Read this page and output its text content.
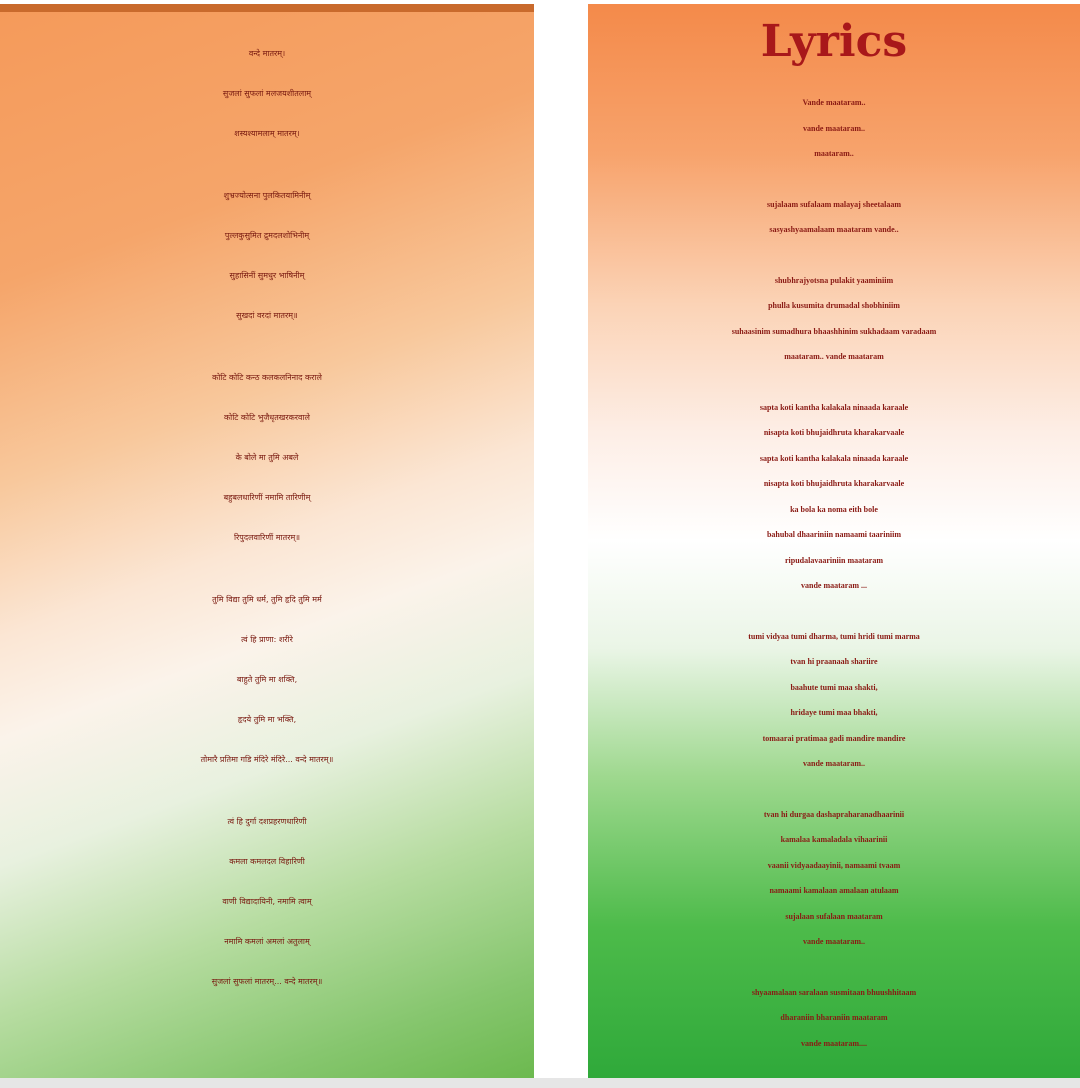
वन्दे मातरम्।
सुजलां सुफलां मलजयशीतलाम्
शस्यश्यामलाम् मातरम्।
शुभ्रज्योत्सना पुलकितयामिनीम्
पुल्लकुसुमित द्रुमदलशोभिनीम्
सुहासिनीं सुमधुर भाषिनीम्
सुखदां वरदां मातरम्॥
कोटि कोटि कन्ठ कलकलनिनाद कराले
कोटि कोटि भुजैधृतखरकरवाले
के बोले मा तुमि अबले
बहुबलधारिणीं नमामि तारिणीम्
रिपुदलवारिणीं मातरम्॥
तुमि विद्या तुमि धर्म, तुमि हृदि तुमि मर्म
त्वं हि प्राणा: शरीरे
बाहुते तुमि मा शक्ति,
हृदये तुमि मा भक्ति,
तोमारै प्रतिमा गडि मंदिरे मंदिरे... वन्दे मातरम्॥
त्वं हि दुर्गा दशप्रहरणधारिणी
कमला कमलदल विहारिणी
वाणी विद्यादायिनी, नमामि त्वाम्
नमामि कमलां अमलां अतुलाम्
सुजलां सुफलां मातरम्... वन्दे मातरम्॥
Lyrics
Vande maataram..
vande maataram..
maataram..
sujalaam sufalaam malayaj sheetalaam
sasyashyaamalaam maataram vande..
shubhrajyotsna pulakit yaaminiim
phulla kusumita drumadal shobhiniim
suhaasinim sumadhura bhaashhinim sukhadaam varadaam
maataram.. vande maataram
sapta koti kantha kalakala ninaada karaale
nisapta koti bhujaidhruta kharakarvaale
sapta koti kantha kalakala ninaada karaale
nisapta koti bhujaidhruta kharakarvaale
ka bola ka noma eith bole
bahubal dhaariniin namaami taariniim
ripudalavaariniin maataram
vande maataram ...
tumi vidyaa tumi dharma, tumi hridi tumi marma
tvan hi praanaah shariire
baahute tumi maa shakti,
hridaye tumi maa bhakti,
tomaarai pratimaa gadi mandire mandire
vande maataram..
tvan hi durgaa dashapraharanadhaarinii
kamalaa kamaladala vihaarinii
vaanii vidyaadaayinii, namaami tvaam
namaami kamalaan amalaan atulaam
sujalaan sufalaan maataram
vande maataram..
shyaamalaan saralaan susmitaan bhuushhitaam
dharaniin bharaniin maataram
vande maataram....
